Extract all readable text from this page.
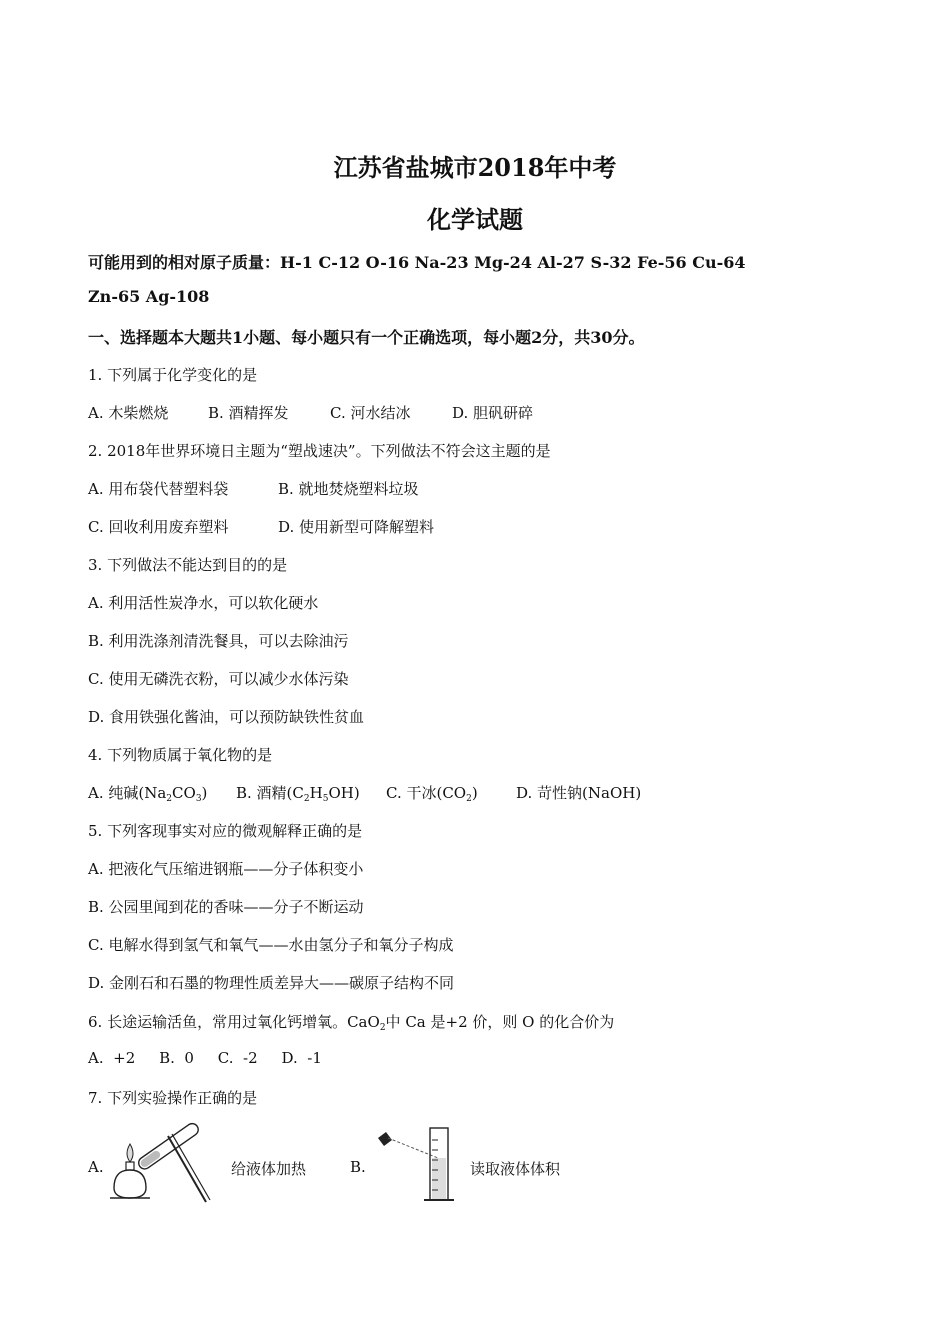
江苏省盐城市2018年中考
化学试题
可能用到的相对原子质量：H-1 C-12 O-16 Na-23 Mg-24 Al-27 S-32 Fe-56 Cu-64
Zn-65 Ag-108
一、选择题本大题共1小题、每小题只有一个正确选项，每小题2分，共30分。
1. 下列属于化学变化的是
A. 木柴燃烧	B. 酒精挥发	C. 河水结冰	D. 胆矾研碎
2. 2018年世界环境日主题为“塑战速决”。下列做法不符会这主题的是
A. 用布袋代替塑料袋	B. 就地焚烧塑料垃圾
C. 回收利用废弃塑料	D. 使用新型可降解塑料
3. 下列做法不能达到目的的是
A. 利用活性炭净水，可以软化硬水
B. 利用洗涤剂清洗餐具，可以去除油污
C. 使用无磷洗衣粉，可以减少水体污染
D. 食用铁强化酱油，可以预防缺铁性贫血
4. 下列物质属于氧化物的是
A. 纯碱$(Na_2CO_3)$ B. 酒精$(C_2H_5OH)$ C. 干冰$(CO_2)$	D. 苛性钠(NaOH)
5. 下列客现事实对应的微观解释正确的是
A. 把液化气压缩进钢瓶——分子体积变小
B. 公园里闻到花的香味——分子不断运动
C. 电解水得到氢气和氧气——水由氢分子和氧分子构成
D. 金刚石和石墨的物理性质差异大——碳原子结构不同
6. 长途运输活鱼，常用过氧化钙增氧。CaO$_2$中 Ca 是+2 价，则 O 的化合价为
A.  +2     B.  0     C.  -2     D.  -1
7. 下列实验操作正确的是
A.	给液体加热	B.	读取液体体积
